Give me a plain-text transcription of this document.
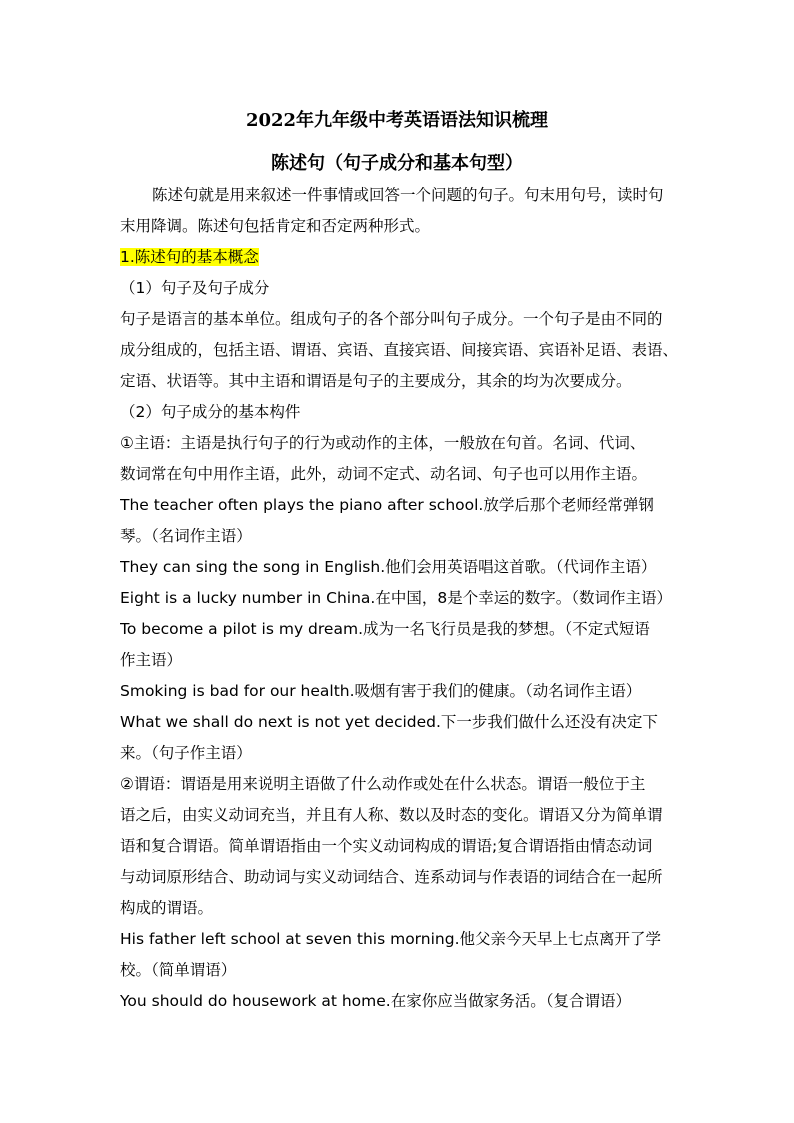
2022年九年级中考英语语法知识梳理
陈述句（句子成分和基本句型）
陈述句就是用来叙述一件事情或回答一个问题的句子。句末用句号，读时句
末用降调。陈述句包括肯定和否定两种形式。
1.陈述句的基本概念
（1）句子及句子成分
句子是语言的基本单位。组成句子的各个部分叫句子成分。一个句子是由不同的
成分组成的，包括主语、谓语、宾语、直接宾语、间接宾语、宾语补足语、表语、
定语、状语等。其中主语和谓语是句子的主要成分，其余的均为次要成分。
（2）句子成分的基本构件
①主语：主语是执行句子的行为或动作的主体，一般放在句首。名词、代词、
数词常在句中用作主语，此外，动词不定式、动名词、句子也可以用作主语。
The teacher often plays the piano after school.放学后那个老师经常弹钢
琴。（名词作主语）
They can sing the song in English.他们会用英语唱这首歌。（代词作主语）
Eight is a lucky number in China.在中国，8是个幸运的数字。（数词作主语）
To become a pilot is my dream.成为一名飞行员是我的梦想。（不定式短语
作主语）
Smoking is bad for our health.吸烟有害于我们的健康。（动名词作主语）
What we shall do next is not yet decided.下一步我们做什么还没有决定下
来。（句子作主语）
②谓语：谓语是用来说明主语做了什么动作或处在什么状态。谓语一般位于主
语之后，由实义动词充当，并且有人称、数以及时态的变化。谓语又分为简单谓
语和复合谓语。简单谓语指由一个实义动词构成的谓语;复合谓语指由情态动词
与动词原形结合、助动词与实义动词结合、连系动词与作表语的词结合在一起所
构成的谓语。
His father left school at seven this morning.他父亲今天早上七点离开了学
校。（简单谓语）
You should do housework at home.在家你应当做家务活。（复合谓语）
